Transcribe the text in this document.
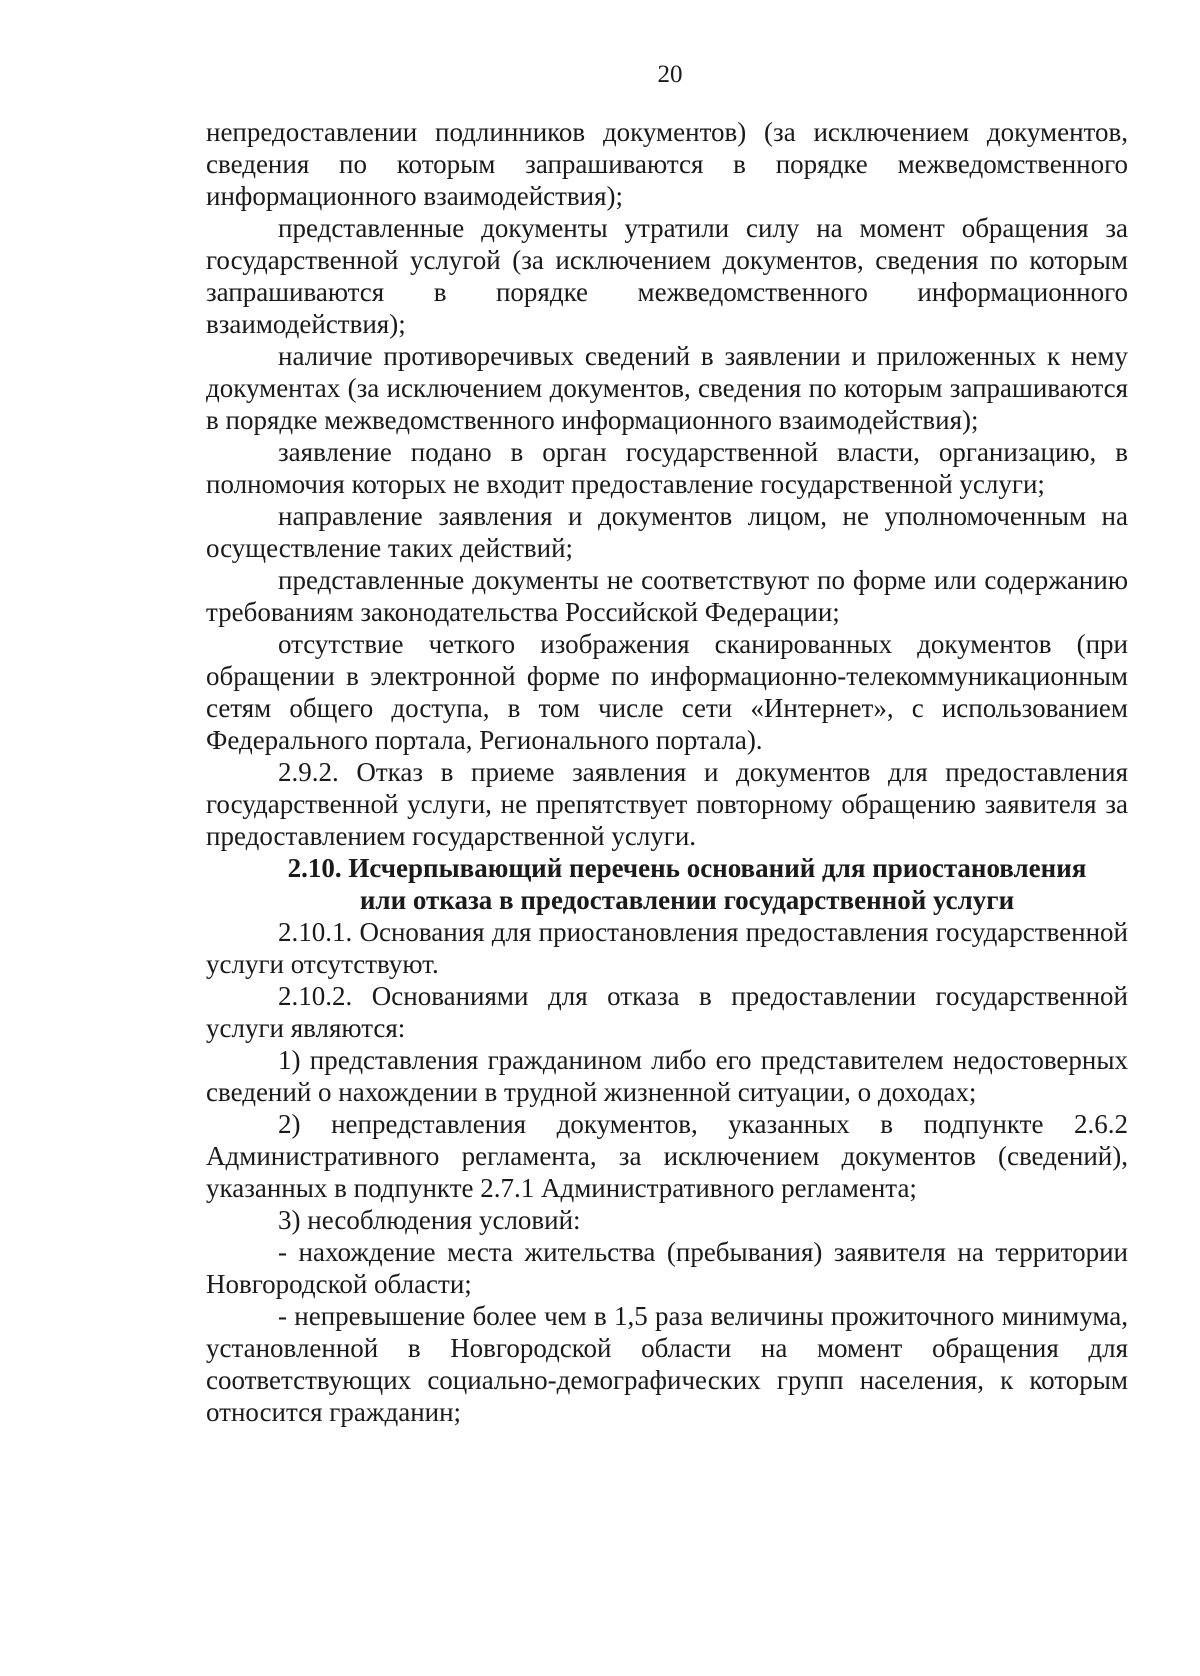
20

непредоставлении подлинников документов) (за исключением документов, сведения по которым запрашиваются в порядке межведомственного информационного взаимодействия);

представленные документы утратили силу на момент обращения за государственной услугой (за исключением документов, сведения по которым запрашиваются в порядке межведомственного информационного взаимодействия);

наличие противоречивых сведений в заявлении и приложенных к нему документах (за исключением документов, сведения по которым запрашиваются в порядке межведомственного информационного взаимодействия);

заявление подано в орган государственной власти, организацию, в полномочия которых не входит предоставление государственной услуги;

направление заявления и документов лицом, не уполномоченным на осуществление таких действий;

представленные документы не соответствуют по форме или содержанию требованиям законодательства Российской Федерации;

отсутствие четкого изображения сканированных документов (при обращении в электронной форме по информационно-телекоммуникационным сетям общего доступа, в том числе сети «Интернет», с использованием Федерального портала, Регионального портала).

2.9.2. Отказ в приеме заявления и документов для предоставления государственной услуги, не препятствует повторному обращению заявителя за предоставлением государственной услуги.

2.10. Исчерпывающий перечень оснований для приостановления

или отказа в предоставлении государственной услуги

2.10.1. Основания для приостановления предоставления государственной услуги отсутствуют.

2.10.2. Основаниями для отказа в предоставлении государственной услуги являются:

1) представления гражданином либо его представителем недостоверных сведений о нахождении в трудной жизненной ситуации, о доходах;

2) непредставления документов, указанных в подпункте 2.6.2 Административного регламента, за исключением документов (сведений), указанных в подпункте 2.7.1 Административного регламента;

3) несоблюдения условий:

- нахождение места жительства (пребывания) заявителя на территории Новгородской области;

- непревышение более чем в 1,5 раза величины прожиточного минимума, установленной в Новгородской области на момент обращения для соответствующих социально-демографических групп населения, к которым относится гражданин;
